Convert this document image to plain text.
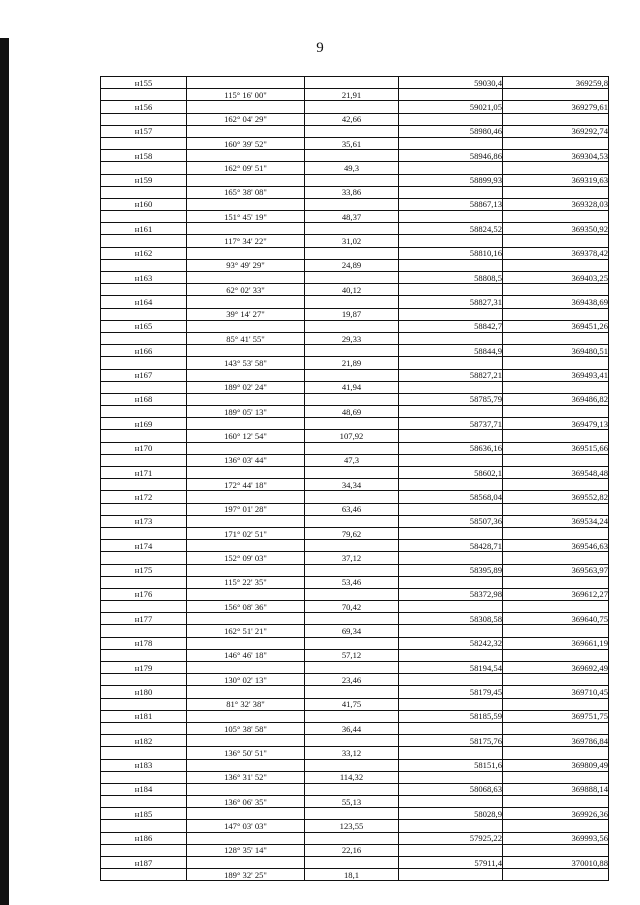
9
н155			59030,4	369259,8
	115° 16' 00"	21,91		
н156			59021,05	369279,61
	162° 04' 29"	42,66		
н157			58980,46	369292,74
	160° 39' 52"	35,61		
н158			58946,86	369304,53
	162° 09' 51"	49,3		
н159			58899,93	369319,63
	165° 38' 08"	33,86		
н160			58867,13	369328,03
	151° 45' 19"	48,37		
н161			58824,52	369350,92
	117° 34' 22"	31,02		
н162			58810,16	369378,42
	93° 49' 29"	24,89		
н163			58808,5	369403,25
	62° 02' 33"	40,12		
н164			58827,31	369438,69
	39° 14' 27"	19,87		
н165			58842,7	369451,26
	85° 41' 55"	29,33		
н166			58844,9	369480,51
	143° 53' 58"	21,89		
н167			58827,21	369493,41
	189° 02' 24"	41,94		
н168			58785,79	369486,82
	189° 05' 13"	48,69		
н169			58737,71	369479,13
	160° 12' 54"	107,92		
н170			58636,16	369515,66
	136° 03' 44"	47,3		
н171			58602,1	369548,48
	172° 44' 18"	34,34		
н172			58568,04	369552,82
	197° 01' 28"	63,46		
н173			58507,36	369534,24
	171° 02' 51"	79,62		
н174			58428,71	369546,63
	152° 09' 03"	37,12		
н175			58395,89	369563,97
	115° 22' 35"	53,46		
н176			58372,98	369612,27
	156° 08' 36"	70,42		
н177			58308,58	369640,75
	162° 51' 21"	69,34		
н178			58242,32	369661,19
	146° 46' 18"	57,12		
н179			58194,54	369692,49
	130° 02' 13"	23,46		
н180			58179,45	369710,45
	81° 32' 38"	41,75		
н181			58185,59	369751,75
	105° 38' 58"	36,44		
н182			58175,76	369786,84
	136° 50' 51"	33,12		
н183			58151,6	369809,49
	136° 31' 52"	114,32		
н184			58068,63	369888,14
	136° 06' 35"	55,13		
н185			58028,9	369926,36
	147° 03' 03"	123,55		
н186			57925,22	369993,56
	128° 35' 14"	22,16		
н187			57911,4	370010,88
	189° 32' 25"	18,1		
